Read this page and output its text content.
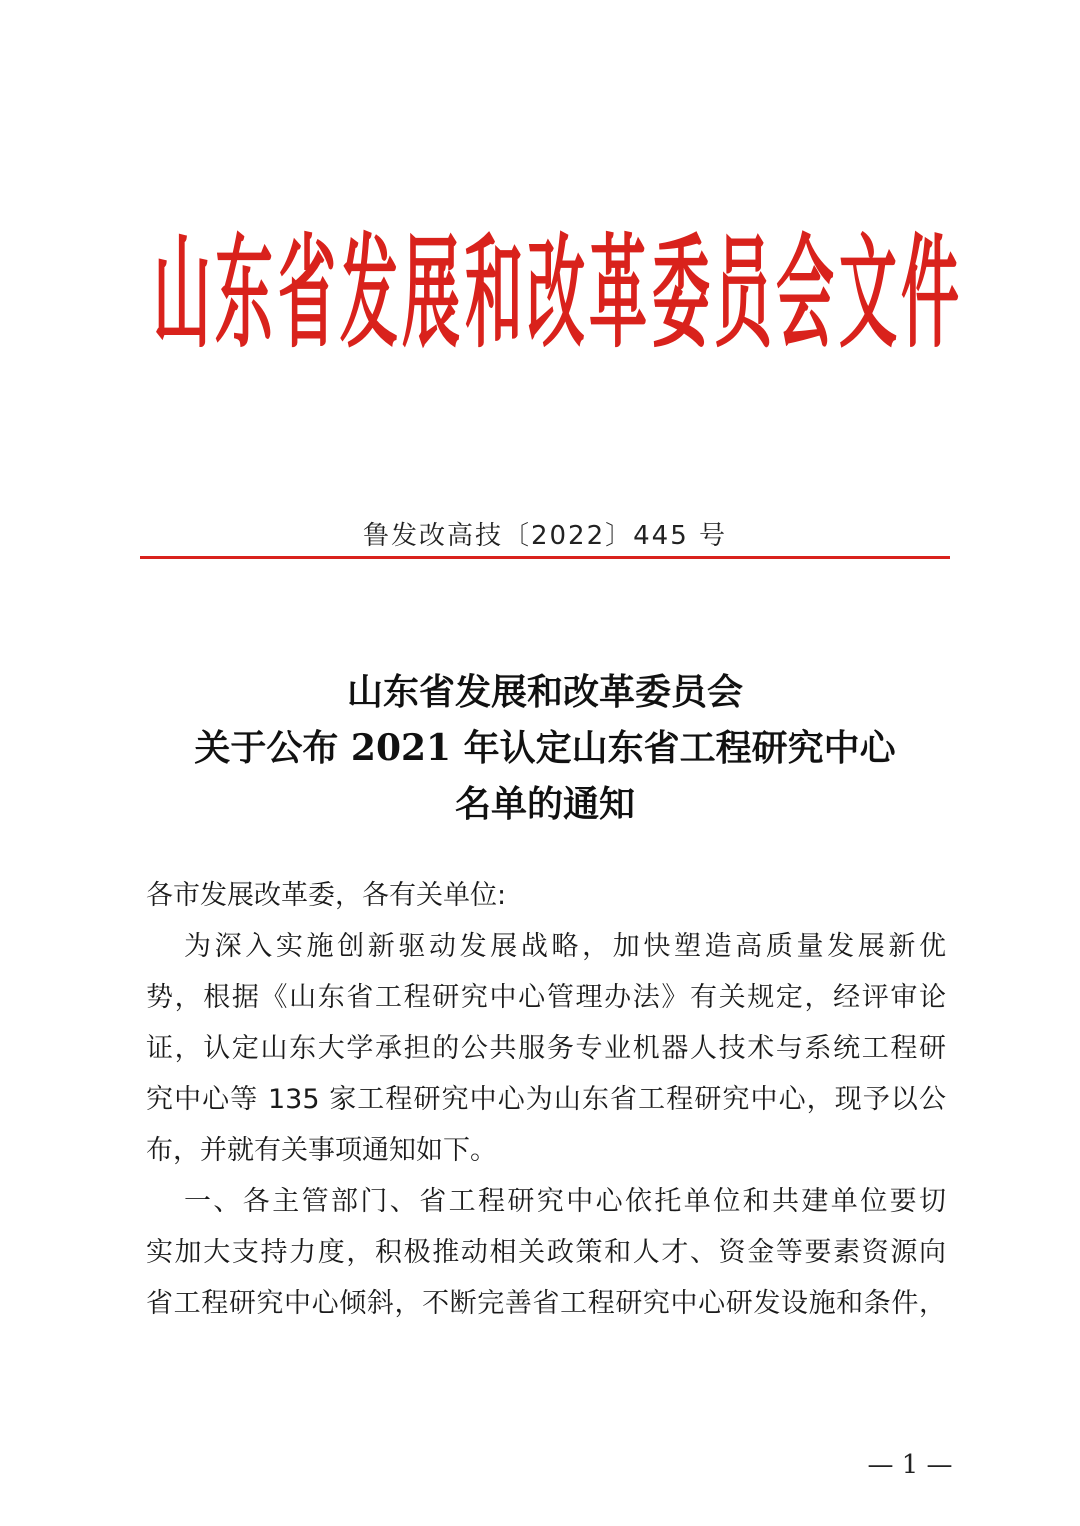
山 东 省 发 展 和 改 革 委 员 会 文 件
鲁发改高技〔2022〕445 号
山东省发展和改革委员会
关于公布 2021 年认定山东省工程研究中心
名单的通知
各市发展改革委，各有关单位:
为深入实施创新驱动发展战略，加快塑造高质量发展新优
势，根据《山东省工程研究中心管理办法》有关规定，经评审论
证，认定山东大学承担的公共服务专业机器人技术与系统工程研
究中心等 135 家工程研究中心为山东省工程研究中心，现予以公
布，并就有关事项通知如下。
一、各主管部门、省工程研究中心依托单位和共建单位要切
实加大支持力度，积极推动相关政策和人才、资金等要素资源向
省工程研究中心倾斜，不断完善省工程研究中心研发设施和条件，
— 1 —
